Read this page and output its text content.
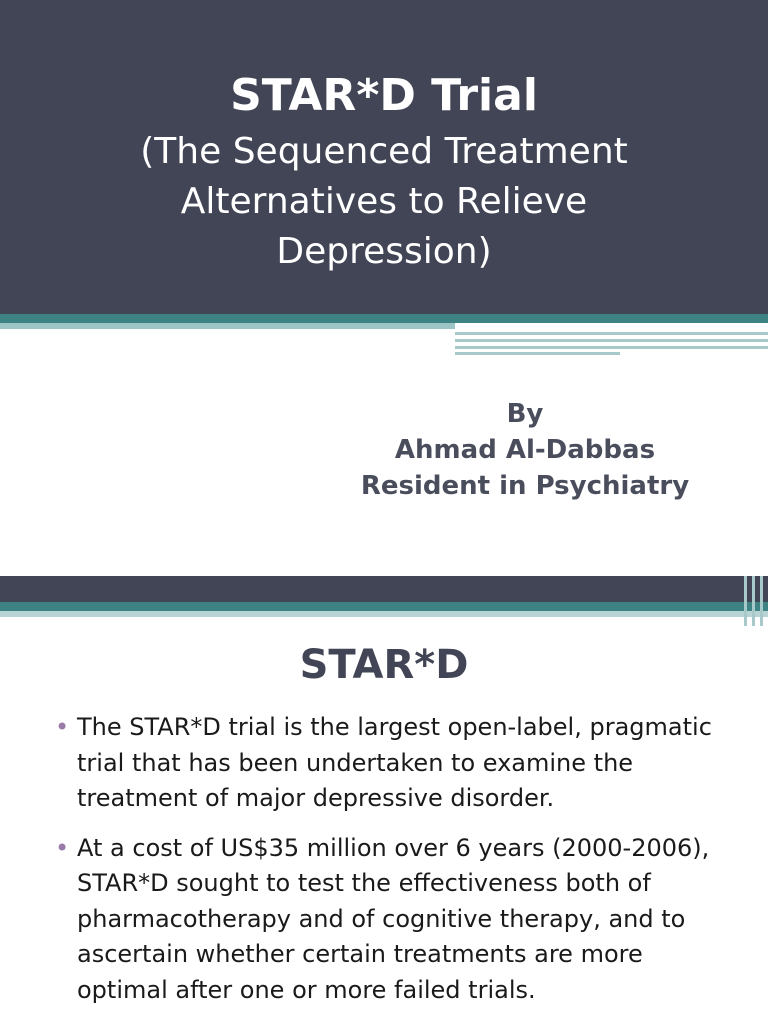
STAR*D Trial
(The Sequenced Treatment
Alternatives to Relieve
Depression)
By
Ahmad Al-Dabbas
Resident in Psychiatry
STAR*D
• The STAR*D trial is the largest open-label, pragmatic trial that has been undertaken to examine the treatment of major depressive disorder.
• At a cost of US$35 million over 6 years (2000-2006), STAR*D sought to test the effectiveness both of pharmacotherapy and of cognitive therapy, and to ascertain whether certain treatments are more optimal after one or more failed trials.
